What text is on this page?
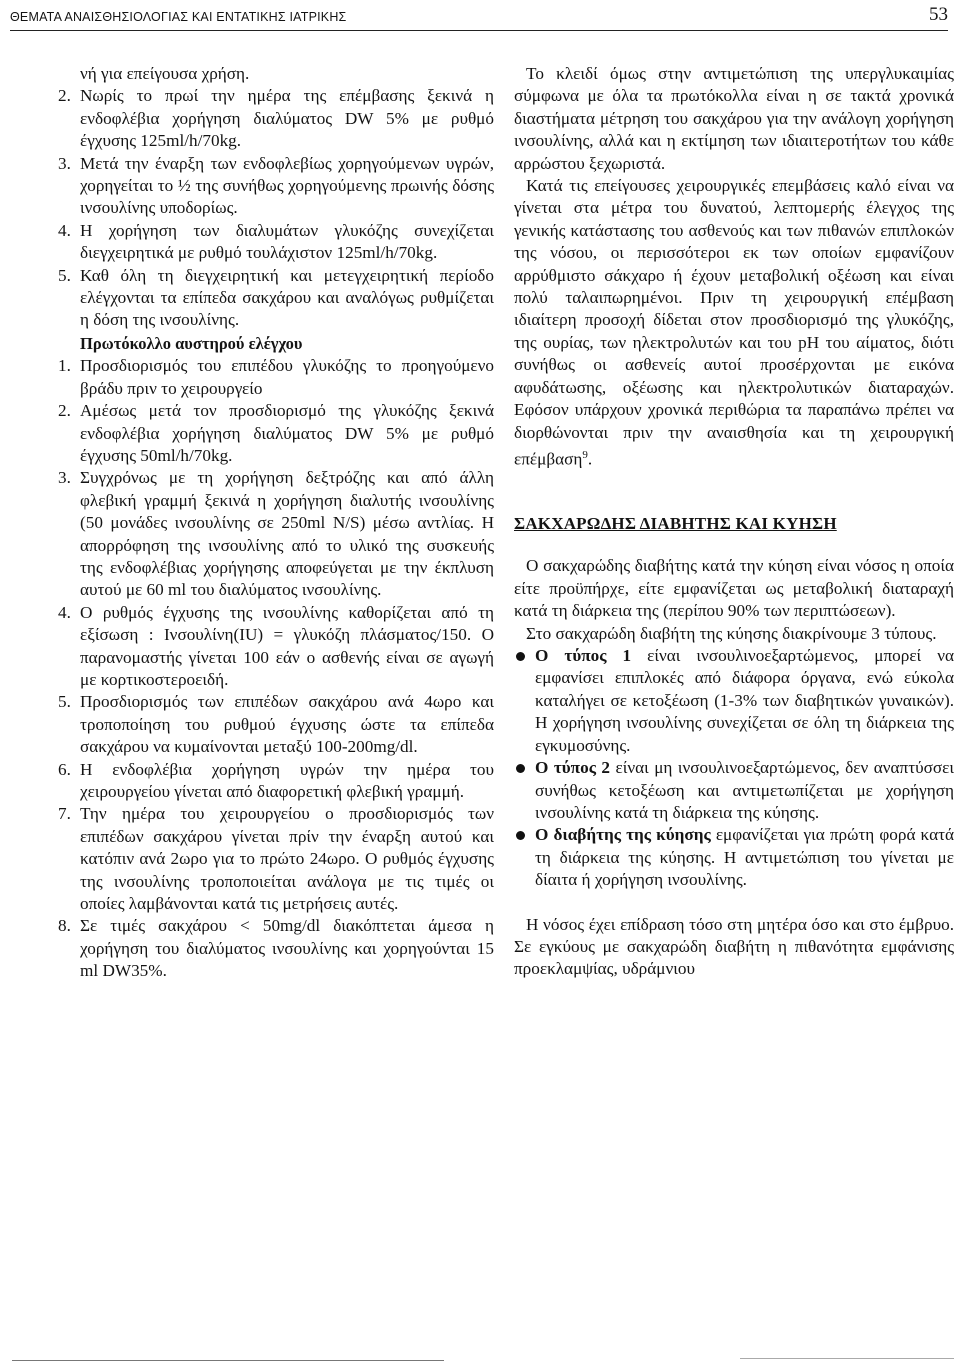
ΘΕΜΑΤΑ ΑΝΑΙΣΘΗΣΙΟΛΟΓΙΑΣ ΚΑΙ ΕΝΤΑΤΙΚΗΣ ΙΑΤΡΙΚΗΣ	53

νή για επείγουσα χρήση.

2. Νωρίς το πρωί την ημέρα της επέμβασης ξεκινά η ενδοφλέβια χορήγηση διαλύματος DW 5% με ρυθμό έγχυσης 125ml/h/70kg.

3. Μετά την έναρξη των ενδοφλεβίως χορηγούμενων υγρών, χορηγείται το ½ της συνήθως χορηγούμενης πρωινής δόσης ινσουλίνης υποδορίως.

4. Η χορήγηση των διαλυμάτων γλυκόζης συνεχίζεται διεγχειρητικά με ρυθμό τουλάχιστον 125ml/h/70kg.

5. Καθ όλη τη διεγχειρητική και μετεγχειρητική περίοδο ελέγχονται τα επίπεδα σακχάρου και αναλόγως ρυθμίζεται η δόση της ινσουλίνης.

Πρωτόκολλο αυστηρού ελέγχου

1. Προσδιορισμός του επιπέδου γλυκόζης το προηγούμενο βράδυ πριν το χειρουργείο

2. Αμέσως μετά τον προσδιορισμό της γλυκόζης ξεκινά ενδοφλέβια χορήγηση διαλύματος DW 5% με ρυθμό έγχυσης 50ml/h/70kg.

3. Συγχρόνως με τη χορήγηση δεξτρόζης και από άλλη φλεβική γραμμή ξεκινά η χορήγηση διαλυτής ινσουλίνης (50 μονάδες ινσουλίνης σε 250ml N/S) μέσω αντλίας. Η απορρόφηση της ινσουλίνης από το υλικό της συσκευής της ενδοφλέβιας χορήγησης αποφεύγεται με την έκπλυση αυτού με 60 ml του διαλύματος ινσουλίνης.

4. Ο ρυθμός έγχυσης της ινσουλίνης καθορίζεται από τη εξίσωση : Ινσουλίνη(IU) = γλυκόζη πλάσματος/150. Ο παρανομαστής γίνεται 100 εάν ο ασθενής είναι σε αγωγή με κορτικοστεροειδή.

5. Προσδιορισμός των επιπέδων σακχάρου ανά 4ωρο και τροποποίηση του ρυθμού έγχυσης ώστε τα επίπεδα σακχάρου να κυμαίνονται μεταξύ 100-200mg/dl.

6. Η ενδοφλέβια χορήγηση υγρών την ημέρα του χειρουργείου γίνεται από διαφορετική φλεβική γραμμή.

7. Την ημέρα του χειρουργείου ο προσδιορισμός των επιπέδων σακχάρου γίνεται πρίν την έναρξη αυτού και κατόπιν ανά 2ωρο για το πρώτο 24ωρο. Ο ρυθμός έγχυσης της ινσουλίνης τροποποιείται ανάλογα με τις τιμές οι οποίες λαμβάνονται κατά τις μετρήσεις αυτές.

8. Σε τιμές σακχάρου < 50mg/dl διακόπτεται άμεσα η χορήγηση του διαλύματος ινσουλίνης και χορηγούνται 15 ml DW35%.

Το κλειδί όμως στην αντιμετώπιση της υπεργλυκαιμίας σύμφωνα με όλα τα πρωτόκολλα είναι η σε τακτά χρονικά διαστήματα μέτρηση του σακχάρου για την ανάλογη χορήγηση ινσουλίνης, αλλά και η εκτίμηση των ιδιαιτεροτήτων του κάθε αρρώστου ξεχωριστά.

Κατά τις επείγουσες χειρουργικές επεμβάσεις καλό είναι να γίνεται στα μέτρα του δυνατού, λεπτομερής έλεγχος της γενικής κατάστασης του ασθενούς και των πιθανών επιπλοκών της νόσου, οι περισσότεροι εκ των οποίων εμφανίζουν αρρύθμιστο σάκχαρο ή έχουν μεταβολική οξέωση και είναι πολύ ταλαιπωρημένοι. Πριν τη χειρουργική επέμβαση ιδιαίτερη προσοχή δίδεται στον προσδιορισμό της γλυκόζης, της ουρίας, των ηλεκτρολυτών και του pH του αίματος, διότι συνήθως οι ασθενείς αυτοί προσέρχονται με εικόνα αφυδάτωσης, οξέωσης και ηλεκτρολυτικών διαταραχών. Εφόσον υπάρχουν χρονικά περιθώρια τα παραπάνω πρέπει να διορθώνονται πριν την αναισθησία και τη χειρουργική επέμβαση$^9$.

ΣΑΚΧΑΡΩΔΗΣ ΔΙΑΒΗΤΗΣ ΚΑΙ ΚΥΗΣΗ

Ο σακχαρώδης διαβήτης κατά την κύηση είναι νόσος η οποία είτε προϋπήρχε, είτε εμφανίζεται ως μεταβολική διαταραχή κατά τη διάρκεια της (περίπου 90% των περιπτώσεων).

Στο σακχαρώδη διαβήτη της κύησης διακρίνουμε 3 τύπους.

Ο τύπος 1 είναι ινσουλινοεξαρτώμενος, μπορεί να εμφανίσει επιπλοκές από διάφορα όργανα, ενώ εύκολα καταλήγει σε κετοξέωση (1-3% των διαβητικών γυναικών). Η χορήγηση ινσουλίνης συνεχίζεται σε όλη τη διάρκεια της εγκυμοσύνης.
Ο τύπος 2 είναι μη ινσουλινοεξαρτώμενος, δεν αναπτύσσει συνήθως κετοξέωση και αντιμετωπίζεται με χορήγηση ινσουλίνης κατά τη διάρκεια της κύησης.
Ο διαβήτης της κύησης εμφανίζεται για πρώτη φορά κατά τη διάρκεια της κύησης. Η αντιμετώπιση του γίνεται με δίαιτα ή χορήγηση ινσουλίνης.

Η νόσος έχει επίδραση τόσο στη μητέρα όσο και στο έμβρυο. Σε εγκύους με σακχαρώδη διαβήτη η πιθανότητα εμφάνισης προεκλαμψίας, υδράμνιου
